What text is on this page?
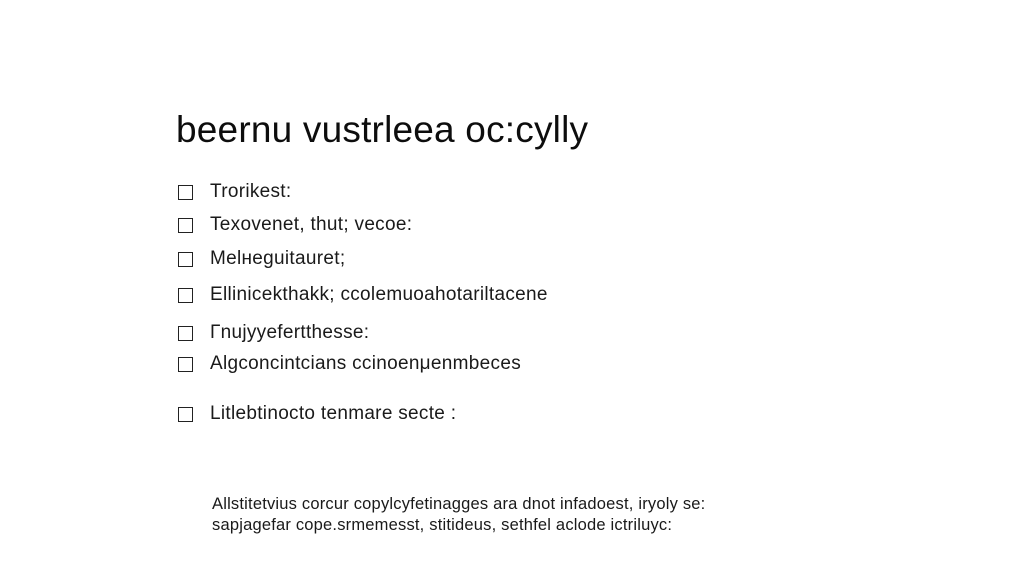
beernu vustrleea oc:cylly
Trorikest:
Texovenet, thut; vecoe:
Melнeguitauret;
Ellinicekthakk; ccolemuoahotariltacene
Гnujyyefertthesse:
Algconcintcians ccinoenμenmbeces
Litlebtinocto tenmare secte :
Allstitetvius corcur copylcyfetinagges ara dnot infadoest, iryoly se:
sapjagefar cope.srmemesst, stitideus, sethfel aclode ictriluyc:
